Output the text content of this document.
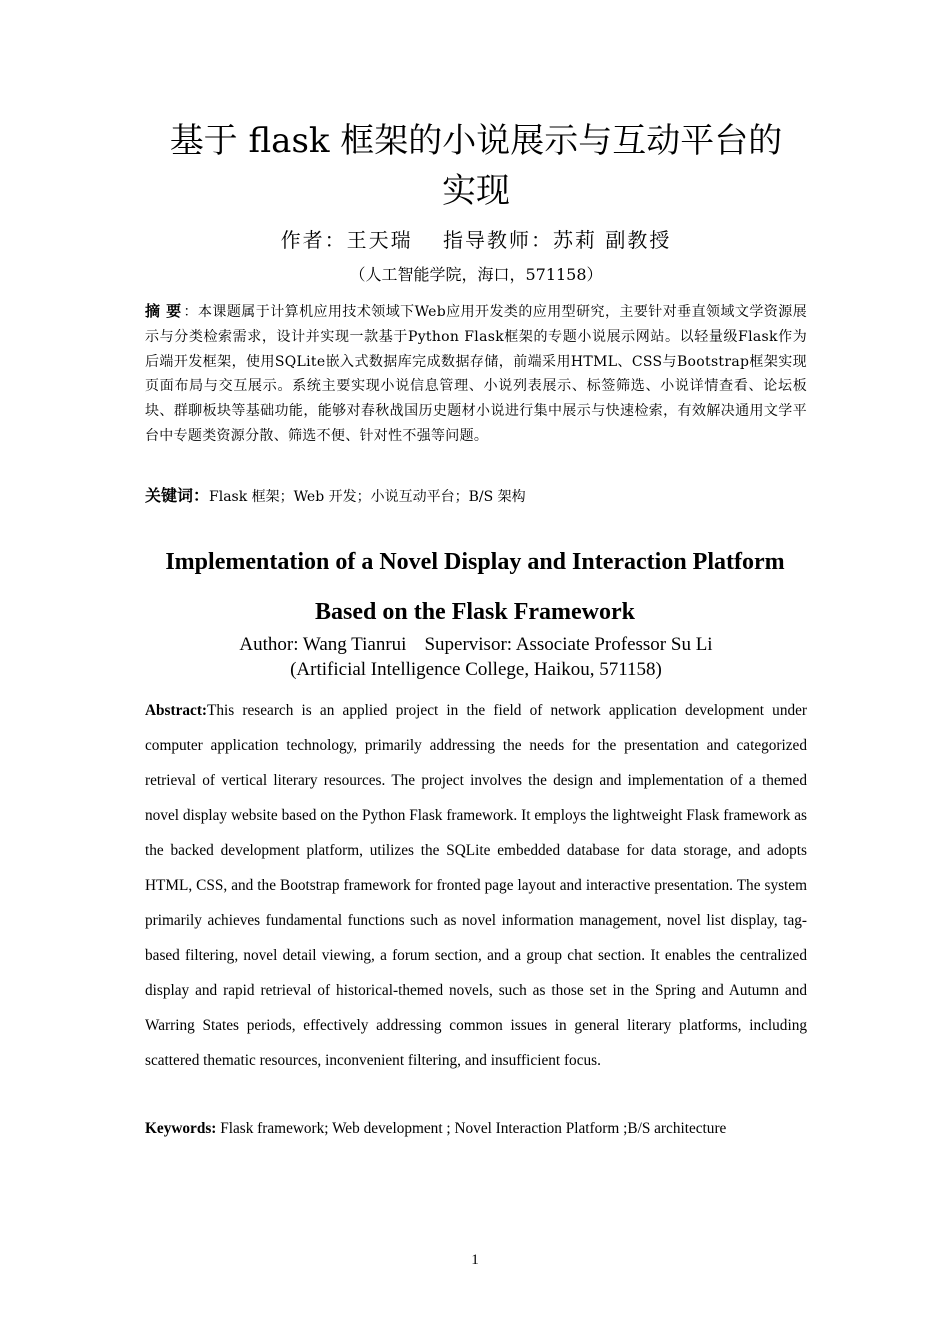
基于 flask 框架的小说展示与互动平台的
实现

作者：王天瑞　 指导教师：苏莉 副教授

（人工智能学院，海口，571158）

摘 要 ：本课题属于计算机应用技术领域下Web应用开发类的应用型研究，主要针对垂直领域文学资源展示与分类检索需求，设计并实现一款基于Python Flask框架的专题小说展示网站。以轻量级Flask作为后端开发框架，使用SQLite嵌入式数据库完成数据存储，前端采用HTML、CSS与Bootstrap框架实现页面布局与交互展示。系统主要实现小说信息管理、小说列表展示、标签筛选、小说详情查看、论坛板块、群聊板块等基础功能，能够对春秋战国历史题材小说进行集中展示与快速检索，有效解决通用文学平台中专题类资源分散、筛选不便、针对性不强等问题。

关键词：Flask 框架；Web 开发；小说互动平台；B/S 架构

Implementation of a Novel Display and Interaction Platform
Based on the Flask Framework

Author: Wang Tianrui Supervisor: Associate Professor Su Li

(Artificial Intelligence College, Haikou, 571158)

Abstract:This research is an applied project in the field of network application development under computer application technology, primarily addressing the needs for the presentation and categorized retrieval of vertical literary resources. The project involves the design and implementation of a themed novel display website based on the Python Flask framework. It employs the lightweight Flask framework as the backed development platform, utilizes the SQLite embedded database for data storage, and adopts HTML, CSS, and the Bootstrap framework for fronted page layout and interactive presentation. The system primarily achieves fundamental functions such as novel information management, novel list display, tag-based filtering, novel detail viewing, a forum section, and a group chat section. It enables the centralized display and rapid retrieval of historical-themed novels, such as those set in the Spring and Autumn and Warring States periods, effectively addressing common issues in general literary platforms, including scattered thematic resources, inconvenient filtering, and insufficient focus.

Keywords: Flask framework; Web development ; Novel Interaction Platform ;B/S architecture

1
